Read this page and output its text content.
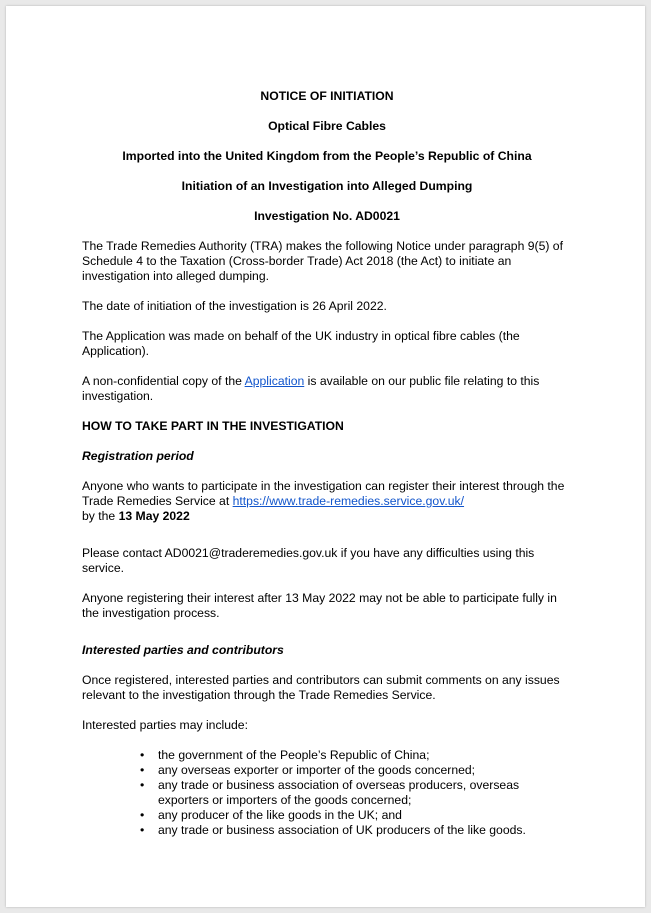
NOTICE OF INITIATION

Optical Fibre Cables

Imported into the United Kingdom from the People’s Republic of China

Initiation of an Investigation into Alleged Dumping

Investigation No. AD0021

The Trade Remedies Authority (TRA) makes the following Notice under paragraph 9(5) of Schedule 4 to the Taxation (Cross-border Trade) Act 2018 (the Act) to initiate an investigation into alleged dumping.

The date of initiation of the investigation is 26 April 2022.

The Application was made on behalf of the UK industry in optical fibre cables (the Application).

A non-confidential copy of the Application is available on our public file relating to this investigation.

HOW TO TAKE PART IN THE INVESTIGATION

Registration period

Anyone who wants to participate in the investigation can register their interest through the Trade Remedies Service at https://www.trade-remedies.service.gov.uk/
by the 13 May 2022

Please contact AD0021@traderemedies.gov.uk if you have any difficulties using this service.

Anyone registering their interest after 13 May 2022 may not be able to participate fully in the investigation process.

Interested parties and contributors

Once registered, interested parties and contributors can submit comments on any issues relevant to the investigation through the Trade Remedies Service.

Interested parties may include:

• the government of the People’s Republic of China;
• any overseas exporter or importer of the goods concerned;
• any trade or business association of overseas producers, overseas exporters or importers of the goods concerned;
• any producer of the like goods in the UK; and
• any trade or business association of UK producers of the like goods.
